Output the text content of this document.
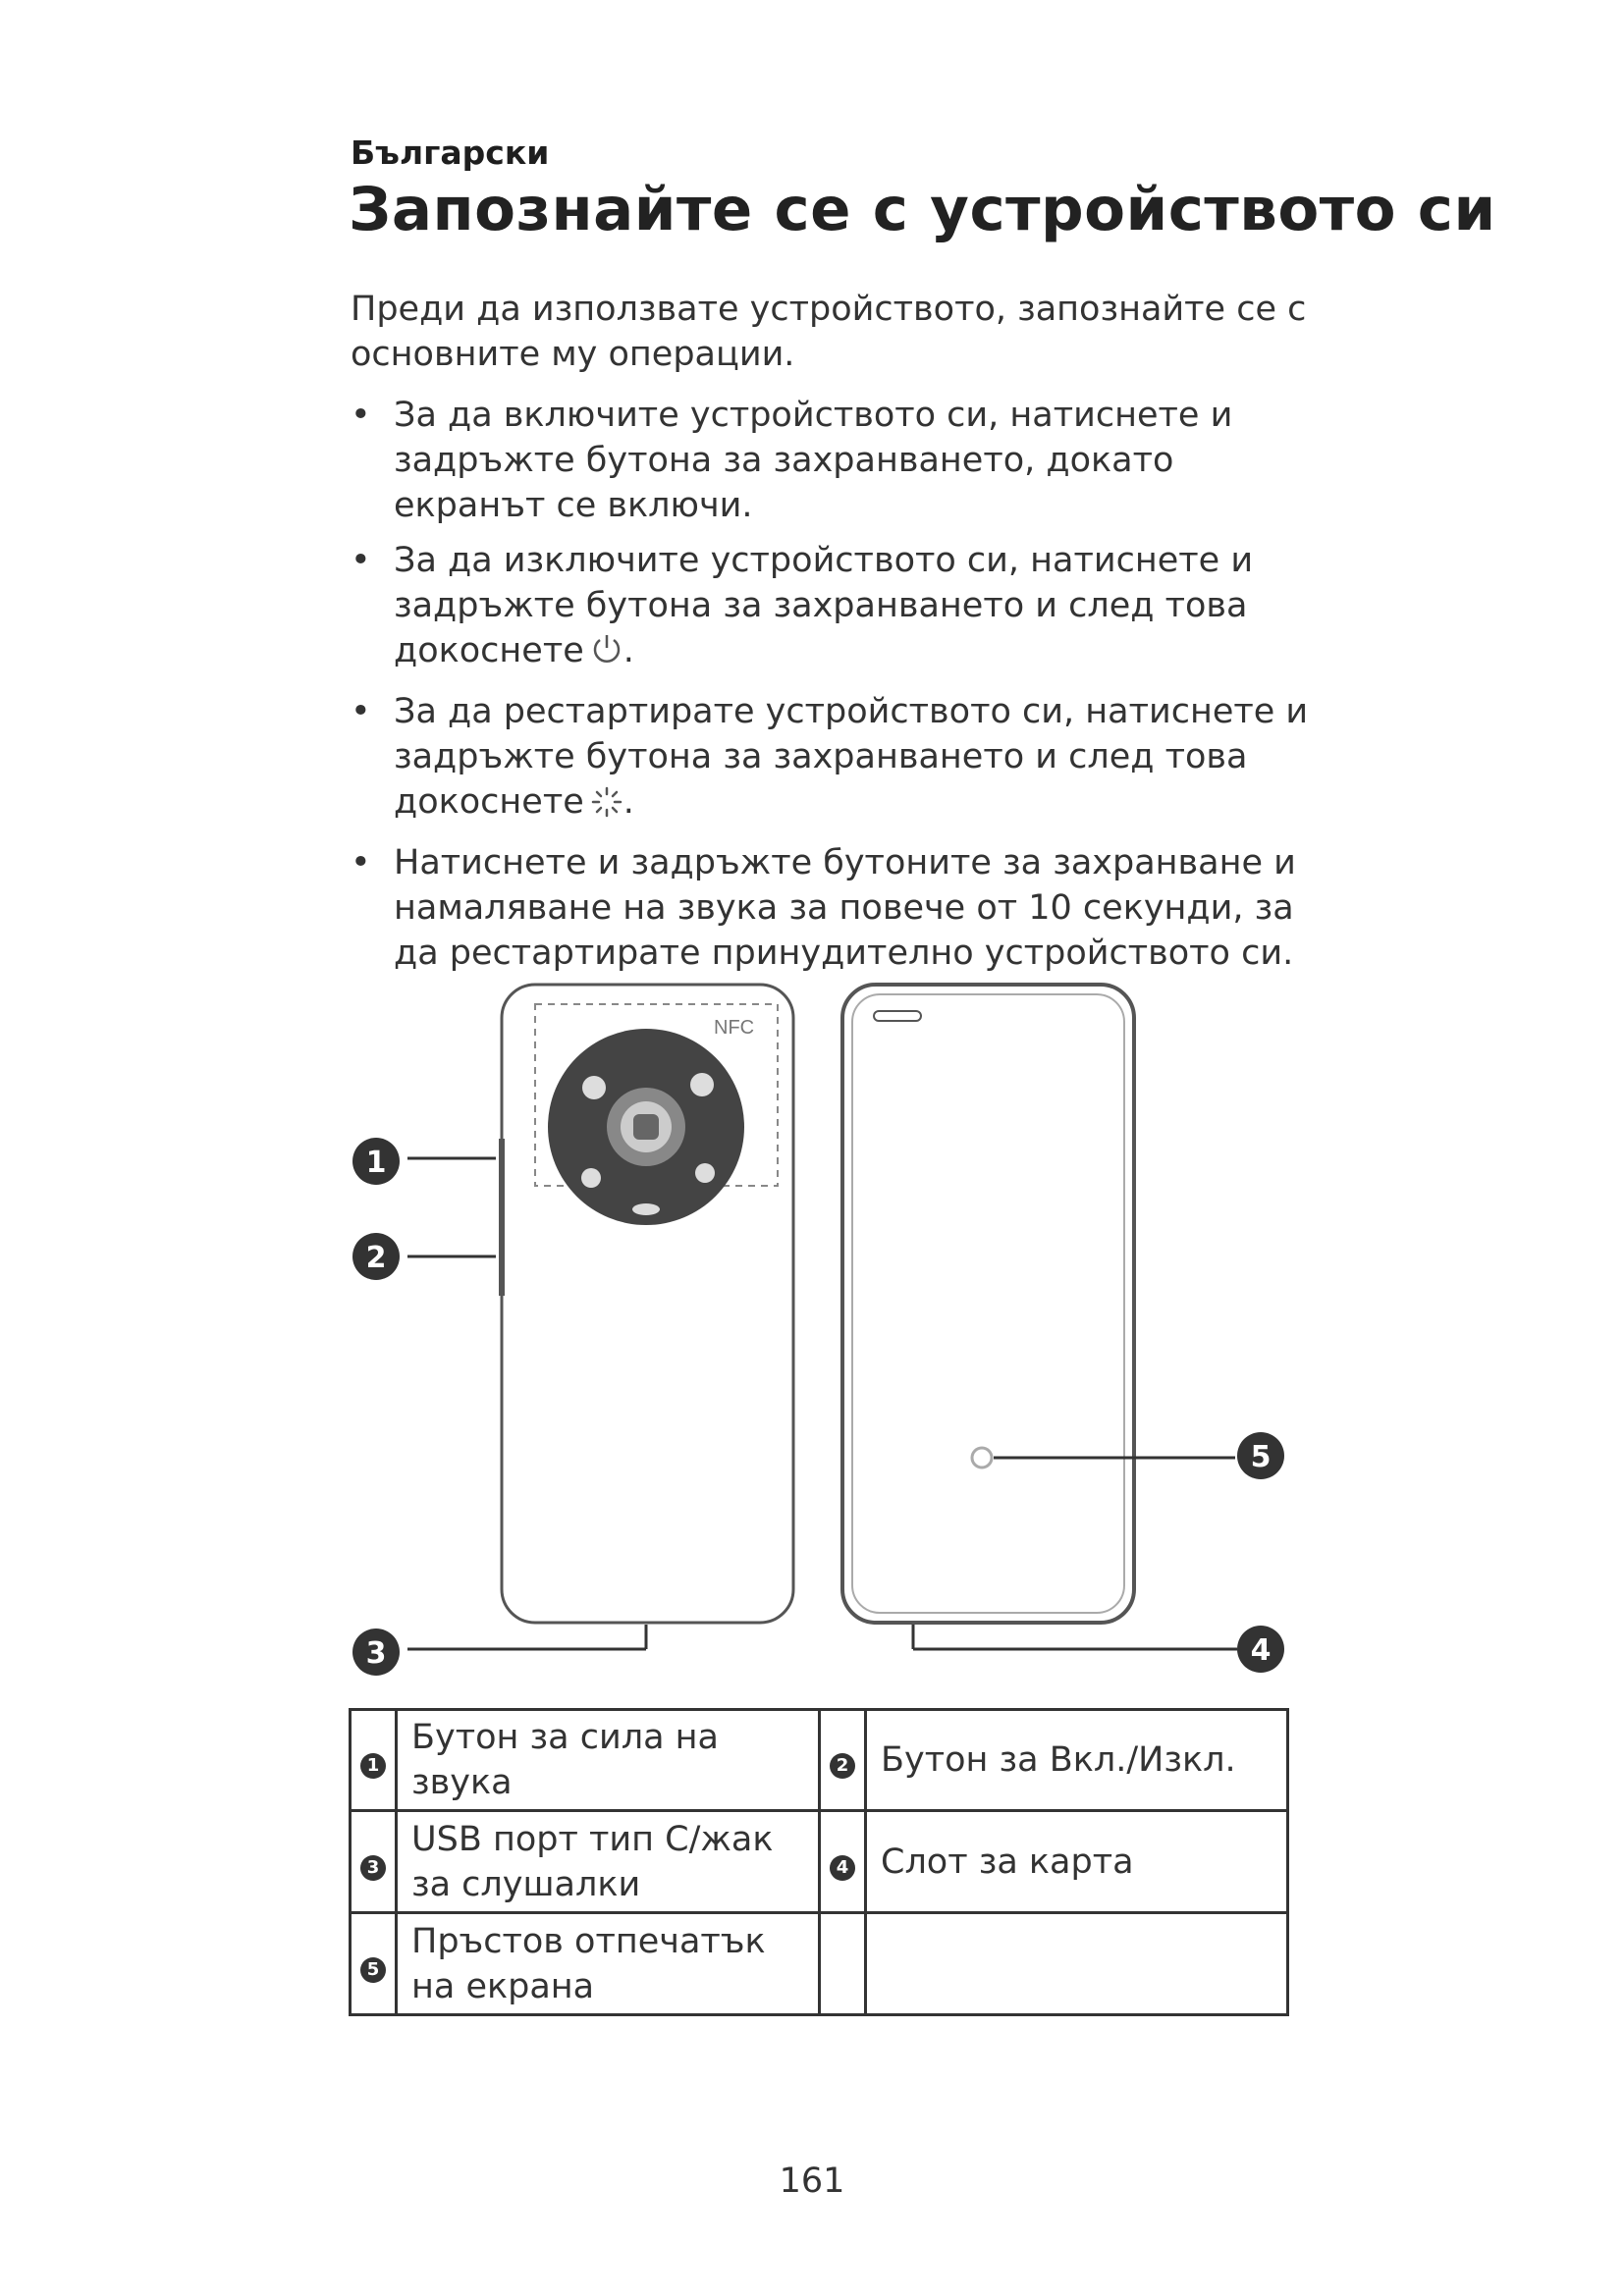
Български
Запознайте се с устройството си
Преди да използвате устройството, запознайте се с основните му операции.
• За да включите устройството си, натиснете и задръжте бутона за захранването, докато екранът се включи.
• За да изключите устройството си, натиснете и задръжте бутона за захранването и след това докоснете .
• За да рестартирате устройството си, натиснете и задръжте бутона за захранването и след това докоснете .
• Натиснете и задръжте бутоните за захранване и намаляване на звука за повече от 10 секунди, за да рестартирате принудително устройството си.
NFC
1
2
3	4
5
1	Бутон за сила на звука	2	Бутон за Вкл./Изкл.
3	USB порт тип C/жак за слушалки	4	Слот за карта
5	Пръстов отпечатък на екрана		
161
